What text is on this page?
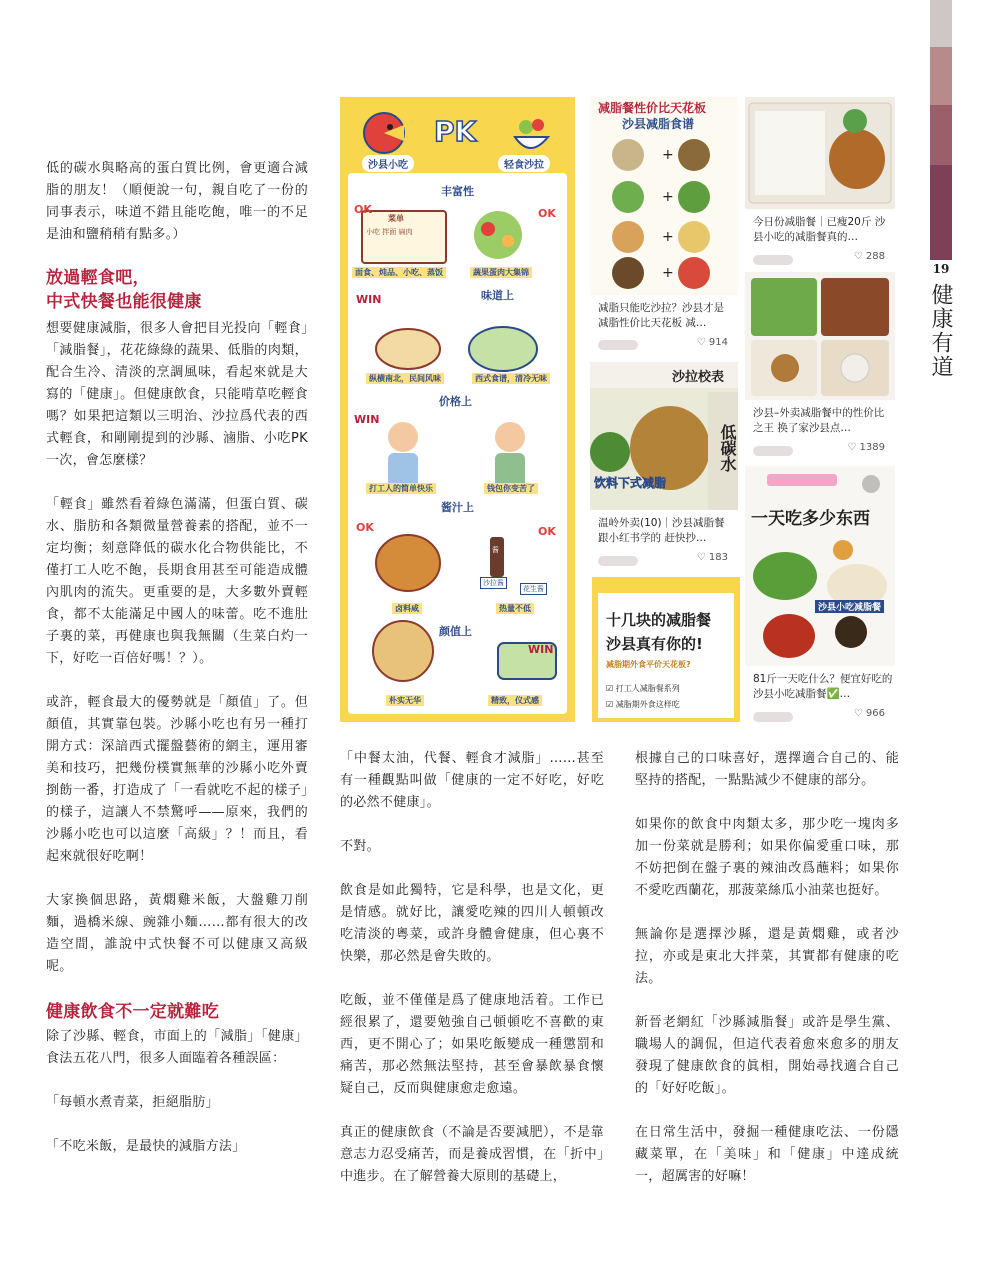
19
健康有道

低的碳水與略高的蛋白質比例，會更適合減脂的朋友！（順便說一句，親自吃了一份的同事表示，味道不錯且能吃飽，唯一的不足是油和鹽稍稍有點多。）

放過輕食吧，
中式快餐也能很健康

想要健康減脂，很多人會把目光投向「輕食」「減脂餐」，花花綠綠的蔬果、低脂的肉類，配合生冷、清淡的烹調風味，看起來就是大寫的「健康」。但健康飲食，只能啃草吃輕食嗎？如果把這類以三明治、沙拉爲代表的西式輕食，和剛剛提到的沙縣、滷脂、小吃PK一次，會怎麼樣？

「輕食」雖然看着綠色滿滿，但蛋白質、碳水、脂肪和各類微量營養素的搭配，並不一定均衡；刻意降低的碳水化合物供能比，不僅打工人吃不飽，長期食用甚至可能造成體內肌肉的流失。更重要的是，大多數外賣輕食，都不太能滿足中國人的味蕾。吃不進肚子裏的菜，再健康也與我無關（生菜白灼一下，好吃一百倍好嗎！？）。

或許，輕食最大的優勢就是「顏值」了。但顏值，其實靠包裝。沙縣小吃也有另一種打開方式：深諳西式擺盤藝術的網主，運用審美和技巧，把幾份樸實無華的沙縣小吃外賣捯飭一番，打造成了「一看就吃不起的樣子」的樣子，這讓人不禁驚呼——原來，我們的沙縣小吃也可以這麼「高級」？！而且，看起來就很好吃啊！

大家換個思路，黃燜雞米飯，大盤雞刀削麵，過橋米線、豌雜小麵……都有很大的改造空間，誰說中式快餐不可以健康又高級呢。

健康飲食不一定就難吃

除了沙縣、輕食，市面上的「減脂」「健康」食法五花八門，很多人面臨着各種誤區：

「每頓水煮青菜，拒絕脂肪」

「不吃米飯，是最快的減脂方法」

「中餐太油，代餐、輕食才減脂」……甚至有一種觀點叫做「健康的一定不好吃，好吃的必然不健康」。

不對。

飲食是如此獨特，它是科學，也是文化，更是情感。就好比，讓愛吃辣的四川人頓頓改吃清淡的粵菜，或許身體會健康，但心裏不快樂，那必然是會失敗的。

吃飯，並不僅僅是爲了健康地活着。工作已經很累了，還要勉強自己頓頓吃不喜歡的東西，更不開心了；如果吃飯變成一種懲罰和痛苦，那必然無法堅持，甚至會暴飲暴食懷疑自己，反而與健康愈走愈遠。

真正的健康飲食（不論是否要減肥），不是靠意志力忍受痛苦，而是養成習慣，在「折中」中進步。在了解營養大原則的基礎上，

根據自己的口味喜好，選擇適合自己的、能堅持的搭配，一點點減少不健康的部分。

如果你的飲食中肉類太多，那少吃一塊肉多加一份菜就是勝利；如果你偏愛重口味，那不妨把倒在盤子裏的辣油改爲蘸料；如果你不愛吃西蘭花，那菠菜絲瓜小油菜也挺好。

無論你是選擇沙縣，還是黃燜雞，或者沙拉，亦或是東北大拌菜，其實都有健康的吃法。

新晉老網紅「沙縣減脂餐」或許是學生黨、職場人的調侃，但這代表着愈來愈多的朋友發現了健康飲食的眞相，開始尋找適合自己的「好好吃飯」。

在日常生活中，發掘一種健康吃法、一份隱藏菜單，在「美味」和「健康」中達成統一，超厲害的好嘛！

PK
沙县小吃	轻食沙拉
丰富性
OK	OK
菜单
小吃 拌面 扁肉
面食、炖品、小吃、蒸饭	蔬果蛋肉大集锦
味道上
WIN
纵横南北，民间风味	西式食谱，清冷无味
价格上
WIN
打工人的简单快乐	钱包你变苦了
酱汁上
OK	OK
酱
沙拉酱
花生酱
卤料咸	热量不低
颜值上
WIN
朴实无华	精致，仪式感
+
+
+
+
减脂餐性价比天花板
沙县减脂食谱
减脂只能吃沙拉？沙县才是减脂性价比天花板 减…
♡ 914
今日份减脂餐｜已瘦20斤 沙县小吃的减脂餐真的…
♡ 288
沙县–外卖减脂餐中的性价比之王 换了家沙县点…
♡ 1389
沙拉校表
低碳水
饮料下式减脂
温岭外卖(10)｜沙县减脂餐跟小红书学的 赶快抄…
♡ 183
一天吃多少东西
沙县小吃减脂餐
81斤一天吃什么？便宜好吃的沙县小吃减脂餐✅…
♡ 966
十几块的减脂餐
沙县真有你的!
减脂期外食平价天花板?
☑ 打工人减脂餐系列
☑ 减脂期外食这样吃
